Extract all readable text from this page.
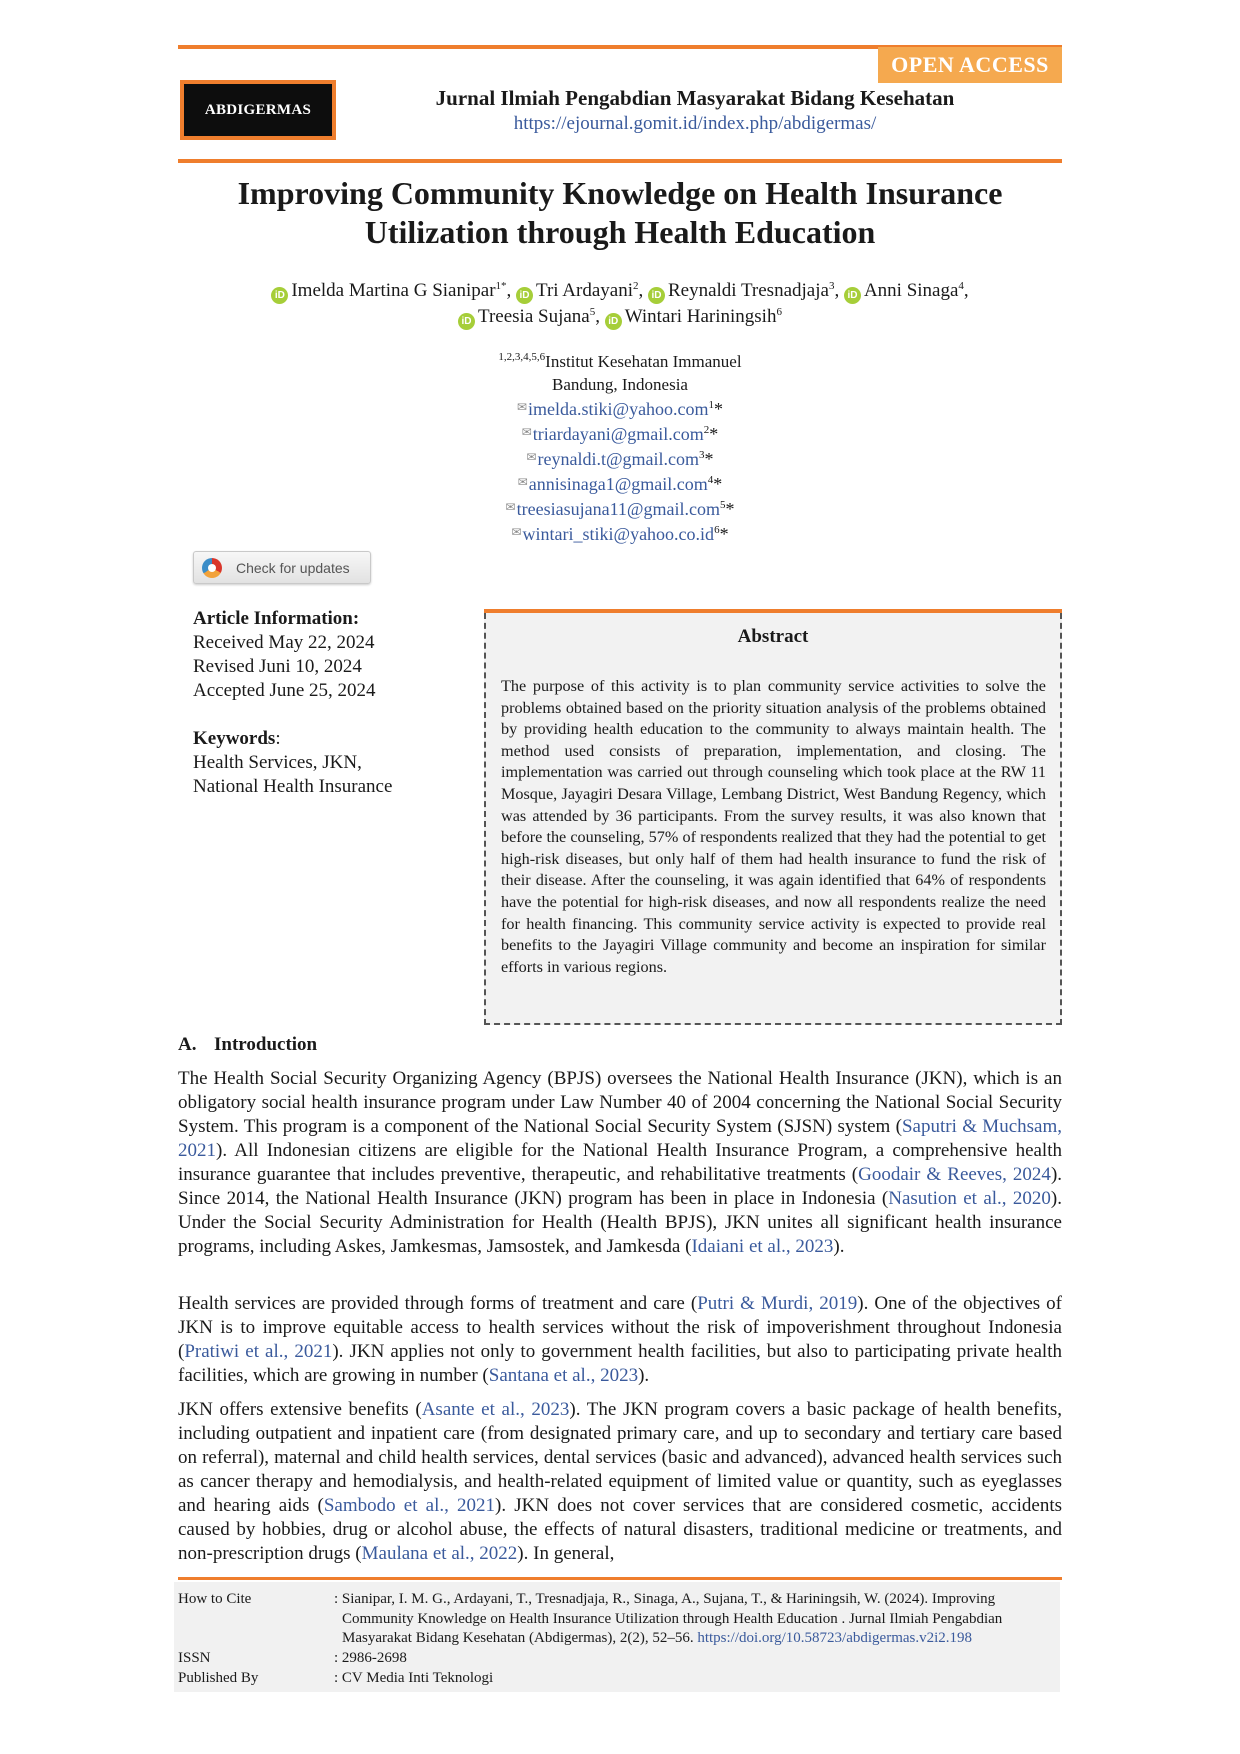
OPEN ACCESS
ABDIGERMAS	Jurnal Ilmiah Pengabdian Masyarakat Bidang Kesehatan
https://ejournal.gomit.id/index.php/abdigermas/
Improving Community Knowledge on Health Insurance
Utilization through Health Education
iD Imelda Martina G Sianipar$^{1*}$, iD Tri Ardayani$^2$, iD Reynaldi Tresnadjaja$^3$, iD Anni Sinaga$^4$,
iD Treesia Sujana$^5$, iD Wintari Hariningsih$^6$
$^{1,2,3,4,5,6}$Institut Kesehatan Immanuel
Bandung, Indonesia
✉imelda.stiki@yahoo.com$^1$*
✉triardayani@gmail.com$^2$*
✉reynaldi.t@gmail.com$^3$*
✉annisinaga1@gmail.com$^4$*
✉treesiasujana11@gmail.com$^5$*
$^✉wintari\_stiki@yahoo.co.id^6*$
Check for updates
Article Information:
Received May 22, 2024
Revised Juni 10, 2024
Accepted June 25, 2024
Keywords:
Health Services, JKN,
National Health Insurance
Abstract
The purpose of this activity is to plan community service activities to solve the problems obtained based on the priority situation analysis of the problems obtained by providing health education to the community to always maintain health. The method used consists of preparation, implementation, and closing. The implementation was carried out through counseling which took place at the RW 11 Mosque, Jayagiri Desara Village, Lembang District, West Bandung Regency, which was attended by 36 participants. From the survey results, it was also known that before the counseling, 57% of respondents realized that they had the potential to get high-risk diseases, but only half of them had health insurance to fund the risk of their disease. After the counseling, it was again identified that 64% of respondents have the potential for high-risk diseases, and now all respondents realize the need for health financing. This community service activity is expected to provide real benefits to the Jayagiri Village community and become an inspiration for similar efforts in various regions.
A. Introduction
The Health Social Security Organizing Agency (BPJS) oversees the National Health Insurance (JKN), which is an obligatory social health insurance program under Law Number 40 of 2004 concerning the National Social Security System. This program is a component of the National Social Security System (SJSN) system (Saputri & Muchsam, 2021). All Indonesian citizens are eligible for the National Health Insurance Program, a comprehensive health insurance guarantee that includes preventive, therapeutic, and rehabilitative treatments (Goodair & Reeves, 2024). Since 2014, the National Health Insurance (JKN) program has been in place in Indonesia (Nasution et al., 2020). Under the Social Security Administration for Health (Health BPJS), JKN unites all significant health insurance programs, including Askes, Jamkesmas, Jamsostek, and Jamkesda (Idaiani et al., 2023).
Health services are provided through forms of treatment and care (Putri & Murdi, 2019). One of the objectives of JKN is to improve equitable access to health services without the risk of impoverishment throughout Indonesia (Pratiwi et al., 2021). JKN applies not only to government health facilities, but also to participating private health facilities, which are growing in number (Santana et al., 2023).
JKN offers extensive benefits (Asante et al., 2023). The JKN program covers a basic package of health benefits, including outpatient and inpatient care (from designated primary care, and up to secondary and tertiary care based on referral), maternal and child health services, dental services (basic and advanced), advanced health services such as cancer therapy and hemodialysis, and health-related equipment of limited value or quantity, such as eyeglasses and hearing aids (Sambodo et al., 2021). JKN does not cover services that are considered cosmetic, accidents caused by hobbies, drug or alcohol abuse, the effects of natural disasters, traditional medicine or treatments, and non-prescription drugs (Maulana et al., 2022). In general,
How to Cite	: Sianipar, I. M. G., Ardayani, T., Tresnadjaja, R., Sinaga, A., Sujana, T., & Hariningsih, W. (2024). Improving
Community Knowledge on Health Insurance Utilization through Health Education . Jurnal Ilmiah Pengabdian
Masyarakat Bidang Kesehatan (Abdigermas), 2(2), 52–56. https://doi.org/10.58723/abdigermas.v2i2.198
ISSN	: 2986-2698
Published By	: CV Media Inti Teknologi
